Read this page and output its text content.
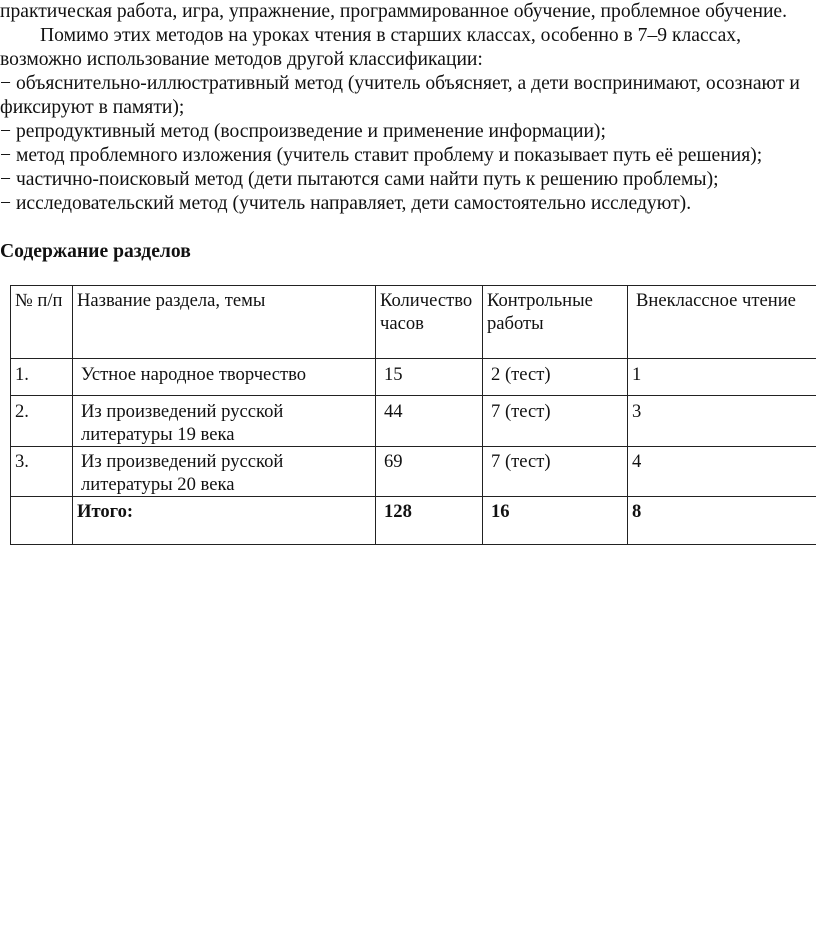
практическая работа, игра, упражнение, программированное обучение, проблемное обучение.

Помимо этих методов на уроках чтения в старших классах, особенно в 7–9 классах, возможно использование методов другой классификации:

− объяснительно-иллюстративный метод (учитель объясняет, а дети воспринимают, осознают и фиксируют в памяти);

− репродуктивный метод (воспроизведение и применение информации);

− метод проблемного изложения (учитель ставит проблему и показывает путь её решения);

− частично-поисковый метод (дети пытаются сами найти путь к решению проблемы);

− исследовательский метод (учитель направляет, дети самостоятельно исследуют).

Содержание разделов

№ п/п	Название раздела, темы	Количество часов	Контрольные работы	Внеклассное чтение
1.	Устное народное творчество	15	2 (тест)	1
2.	Из произведений русской литературы 19 века	44	7 (тест)	3
3.	Из произведений русской литературы 20 века	69	7 (тест)	4
	Итого:	128	16	8
